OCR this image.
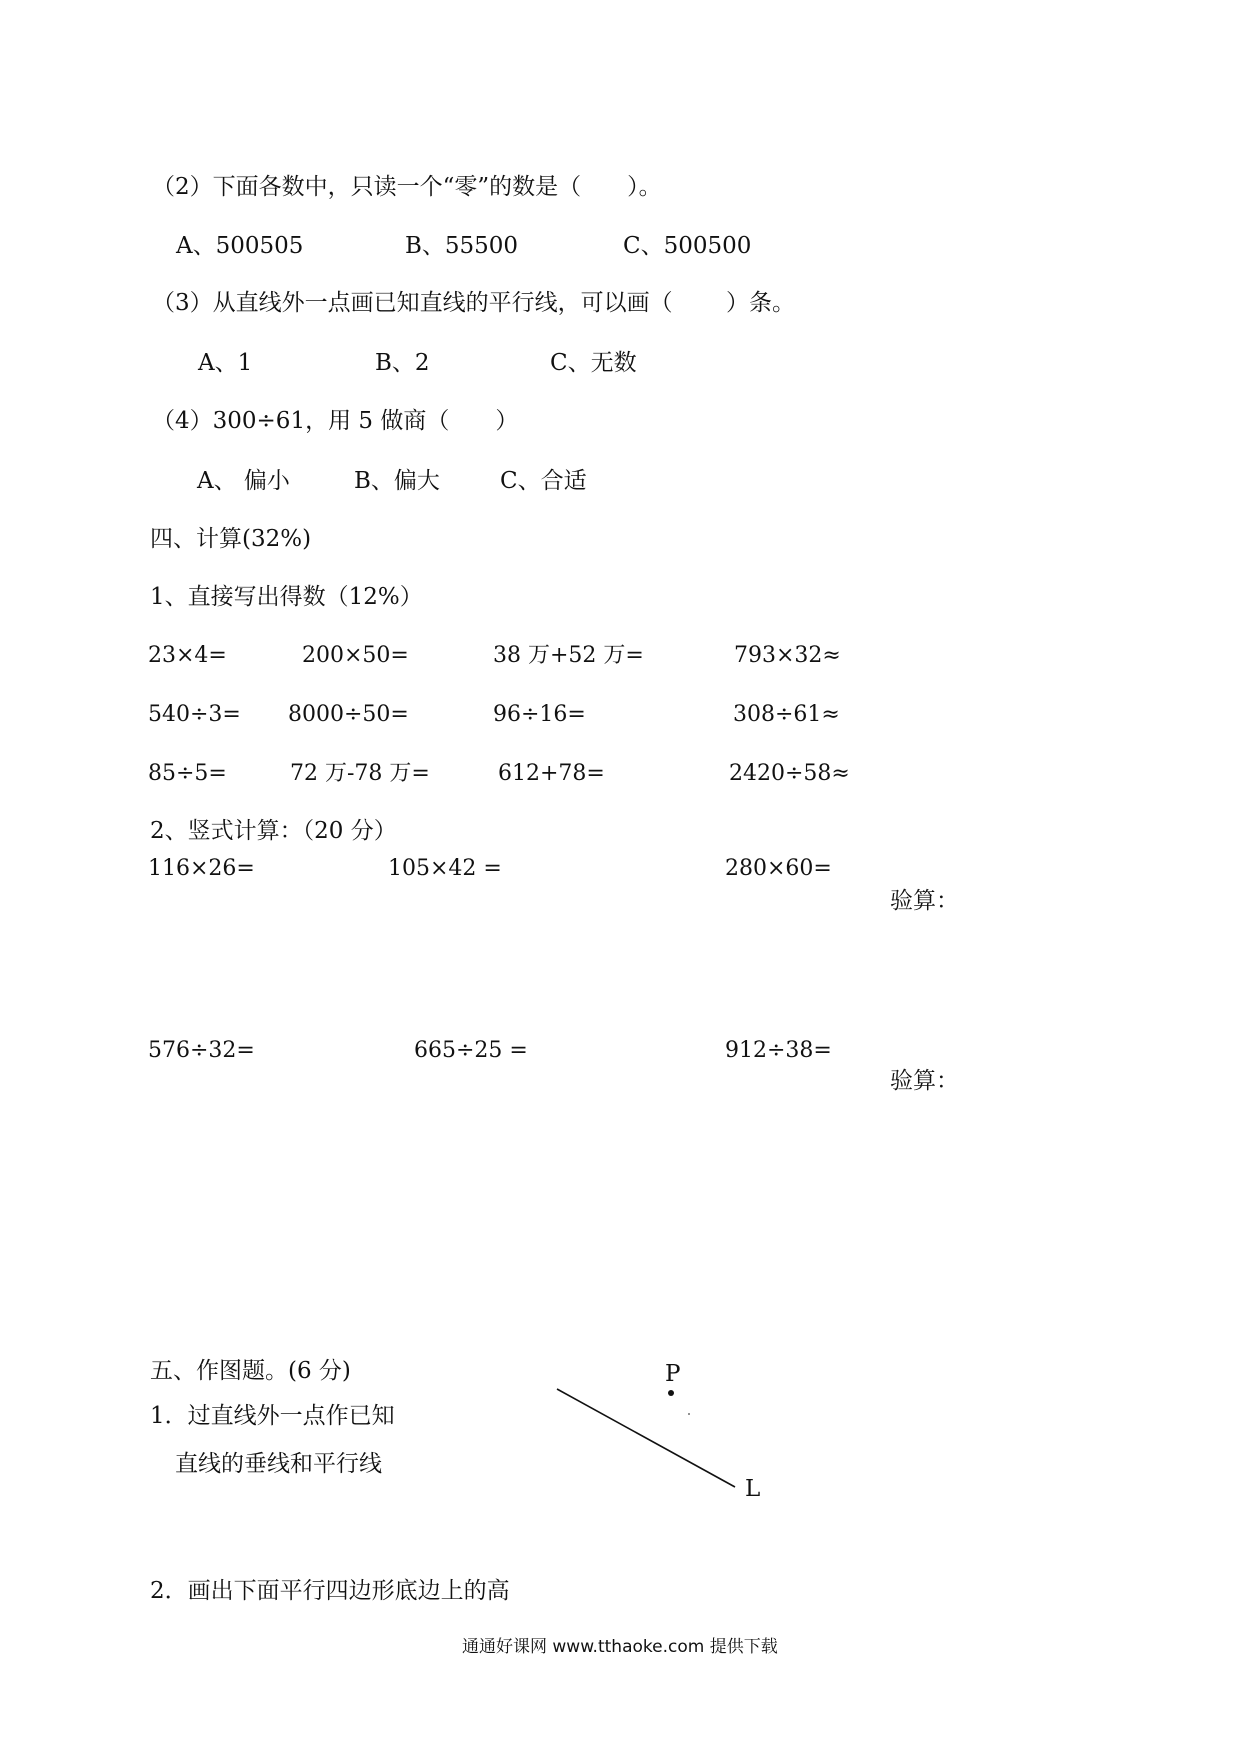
（2）下面各数中，只读一个“零”的数是（　　）。
A、500505	B、55500	C、500500
（3）从直线外一点画已知直线的平行线，可以画（　　 ）条。
A、1	B、2	C、无数
（4）300÷61，用 5 做商（　　）
A、 偏小	B、偏大	C、合适
四、计算(32%)
1、直接写出得数（12%）
23×4=	200×50=	38 万+52 万=	793×32≈
540÷3= 8000÷50=	96÷16=	308÷61≈
85÷5=	72 万-78 万=	612+78=	2420÷58≈
2、竖式计算：（20 分）
116×26=	105×42 =	280×60=
验算：
576÷32=	665÷25 =	912÷38=
验算：
五、作图题。(6 分)
1．过直线外一点作已知
直线的垂线和平行线
P
L
2．画出下面平行四边形底边上的高
通通好课网 www.tthaoke.com 提供下载
